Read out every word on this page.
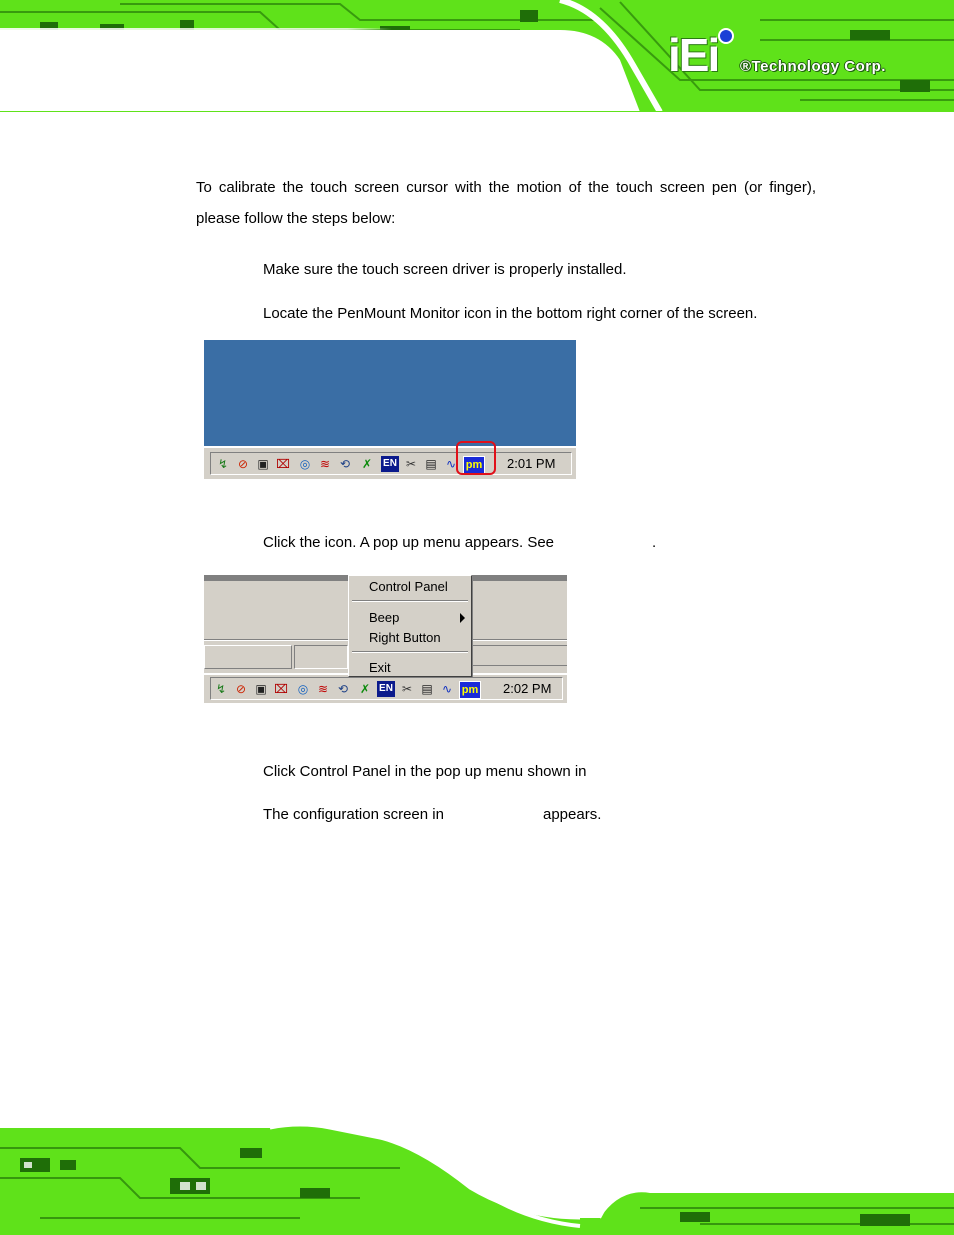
iEi ®Technology Corp.
To calibrate the touch screen cursor with the motion of the touch screen pen (or finger),
please follow the steps below:
Make sure the touch screen driver is properly installed.
Locate the PenMount Monitor icon in the bottom right corner of the screen.
↯ ⊘ ▣ ⌧ ◎ ≋ ⟲ ✗ EN ✂ ▤ ∿ pm 2:01 PM
Click the icon. A pop up menu appears. See	.
↯ ⊘ ▣ ⌧ ◎ ≋ ⟲ ✗ EN ✂ ▤ ∿ pm 2:02 PM
Control Panel
Beep
Right Button
Exit
Click Control Panel in the pop up menu shown in
The configuration screen in	appears.
